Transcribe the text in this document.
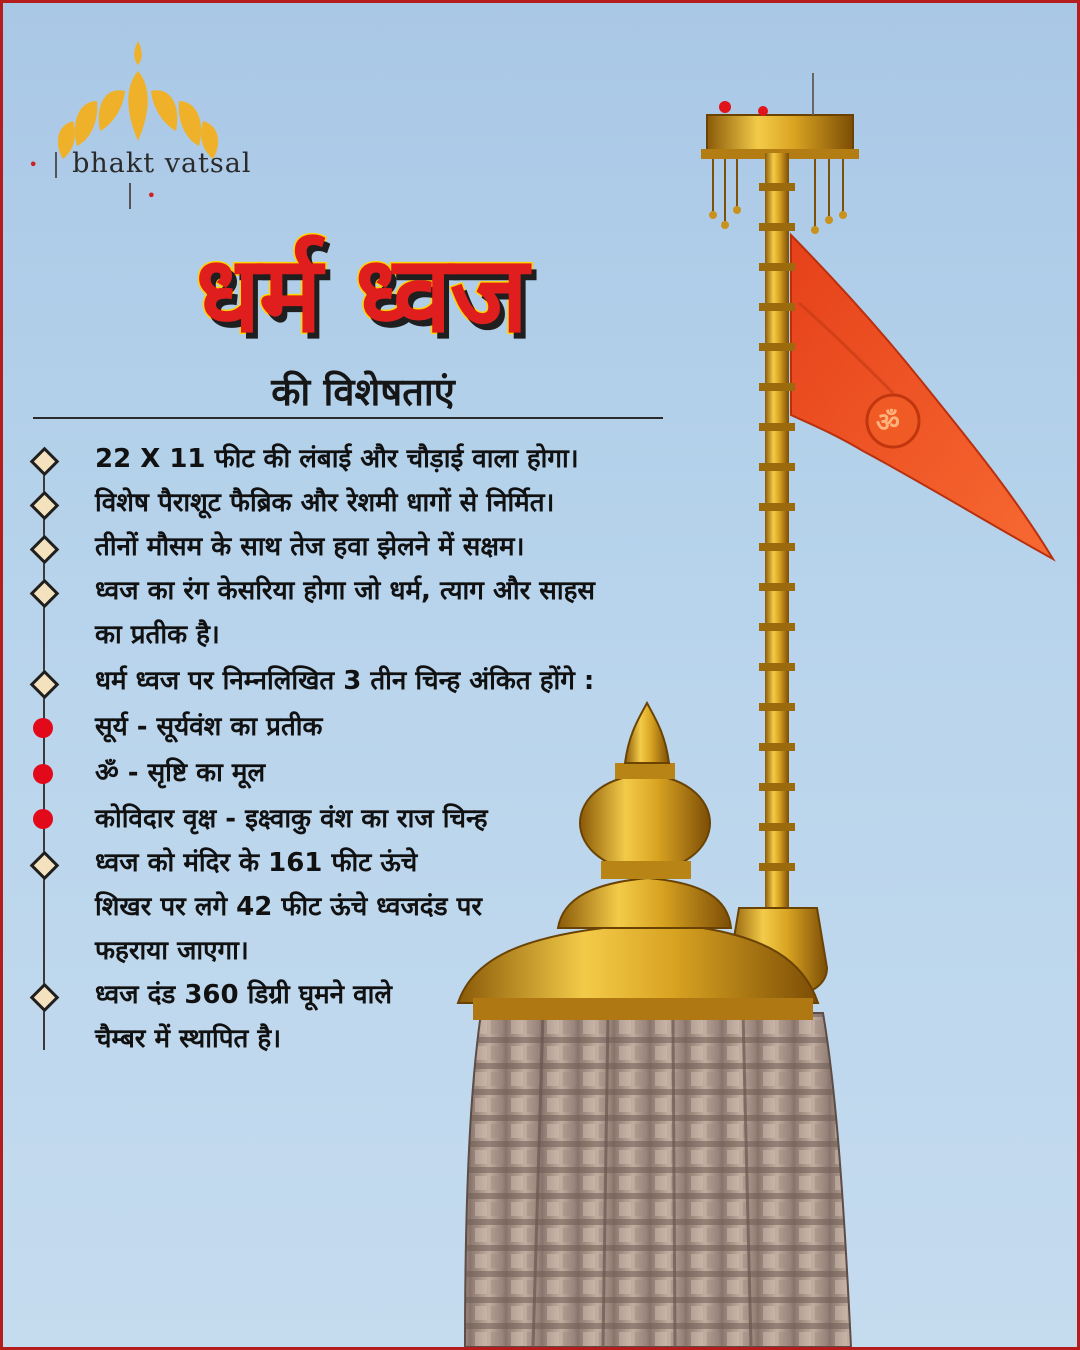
• bhakt vatsal  •
धर्म ध्वज
की विशेषताएं
22 X 11 फीट की लंबाई और चौड़ाई वाला होगा।
विशेष पैराशूट फैब्रिक और रेशमी धागों से निर्मित।
तीनों मौसम के साथ तेज हवा झेलने में सक्षम।
ध्वज का रंग केसरिया होगा जो धर्म, त्याग और साहस
का प्रतीक है।
धर्म ध्वज पर निम्नलिखित 3 तीन चिन्ह अंकित होंगे :
सूर्य - सूर्यवंश का प्रतीक
ॐ - सृष्टि का मूल
कोविदार वृक्ष - इक्ष्वाकु वंश का राज चिन्ह
ध्वज को मंदिर के 161 फीट ऊंचे
शिखर पर लगे 42 फीट ऊंचे ध्वजदंड पर
फहराया जाएगा।
ध्वज दंड 360 डिग्री घूमने वाले
चैम्बर में स्थापित है।
ॐ
